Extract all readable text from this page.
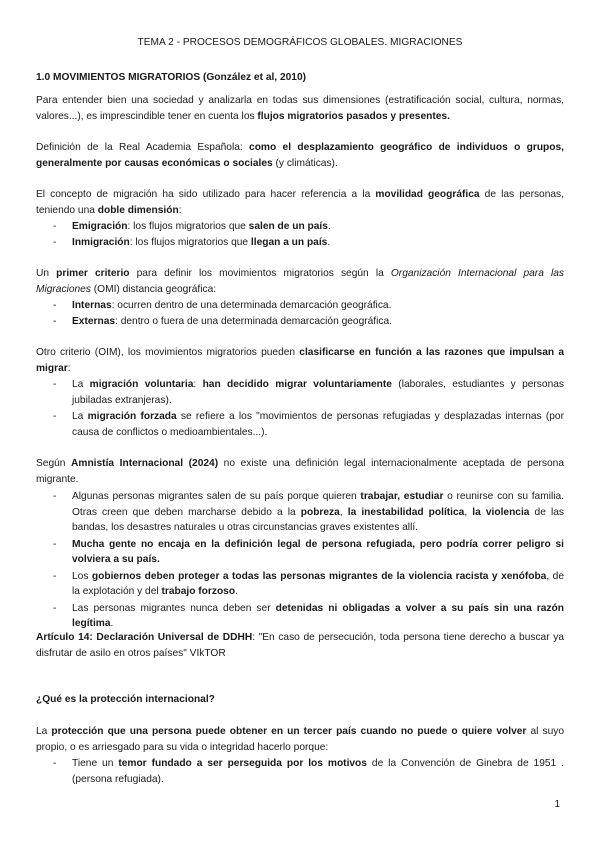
TEMA 2 - PROCESOS DEMOGRÁFICOS GLOBALES. MIGRACIONES
1.0 MOVIMIENTOS MIGRATORIOS (González et al, 2010)

Para entender bien una sociedad y analizarla en todas sus dimensiones (estratificación social, cultura, normas, valores...), es imprescindible tener en cuenta los flujos migratorios pasados y presentes.

Definición de la Real Academia Española: como el desplazamiento geográfico de individuos o grupos, generalmente por causas económicas o sociales (y climáticas).

El concepto de migración ha sido utilizado para hacer referencia a la movilidad geográfica de las personas, teniendo una doble dimensión:

- Emigración: los flujos migratorios que salen de un país.
- Inmigración: los flujos migratorios que llegan a un país.

Un primer criterio para definir los movimientos migratorios según la Organización Internacional para las Migraciones (OMI) distancia geográfica:

- Internas: ocurren dentro de una determinada demarcación geográfica.
- Externas: dentro o fuera de una determinada demarcación geográfica.

Otro criterio (OIM), los movimientos migratorios pueden clasificarse en función a las razones que impulsan a migrar:

- La migración voluntaria: han decidido migrar voluntariamente (laborales, estudiantes y personas jubiladas extranjeras).
- La migración forzada se refiere a los "movimientos de personas refugiadas y desplazadas internas (por causa de conflictos o medioambientales...).

Según Amnistía Internacional (2024) no existe una definición legal internacionalmente aceptada de persona migrante.

- Algunas personas migrantes salen de su país porque quieren trabajar, estudiar o reunirse con su familia. Otras creen que deben marcharse debido a la pobreza, la inestabilidad política, la violencia de las bandas, los desastres naturales u otras circunstancias graves existentes allí.
- Mucha gente no encaja en la definición legal de persona refugiada, pero podría correr peligro si volviera a su país.
- Los gobiernos deben proteger a todas las personas migrantes de la violencia racista y xenófoba, de la explotación y del trabajo forzoso.
- Las personas migrantes nunca deben ser detenidas ni obligadas a volver a su país sin una razón legítima.

Artículo 14: Declaración Universal de DDHH: "En caso de persecución, toda persona tiene derecho a buscar ya disfrutar de asilo en otros países" VIkTOR

¿Qué es la protección internacional?

La protección que una persona puede obtener en un tercer país cuando no puede o quiere volver al suyo propio, o es arriesgado para su vida o integridad hacerlo porque:

- Tiene un temor fundado a ser perseguida por los motivos de la Convención de Ginebra de 1951 . (persona refugiada).
1
